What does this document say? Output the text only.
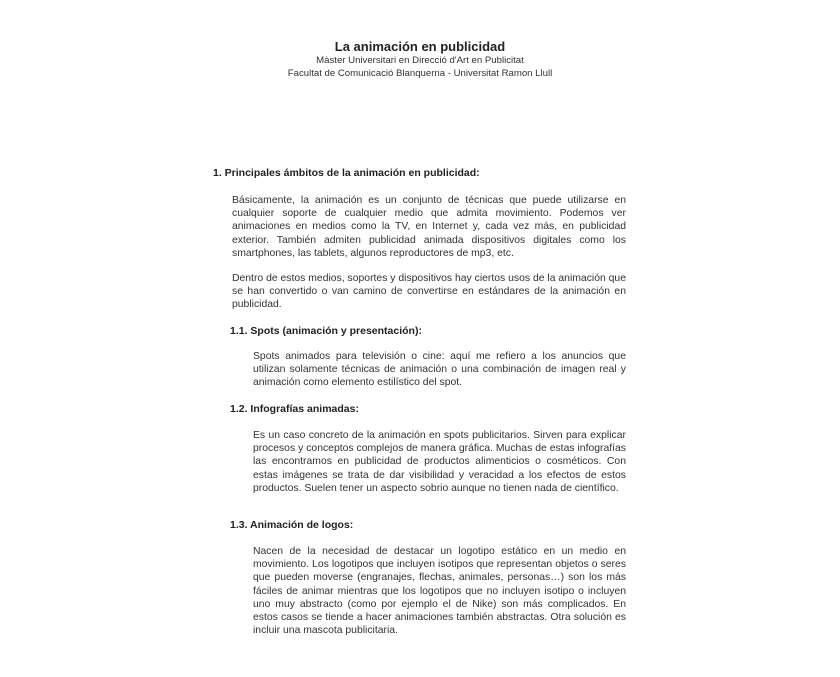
La animación en publicidad
Màster Universitari en Direcció d'Art en Publicitat
Facultat de Comunicació Blanquerna - Universitat Ramon Llull
1. Principales ámbitos de la animación en publicidad:
Básicamente, la animación es un conjunto de técnicas que puede utilizarse en cualquier soporte de cualquier medio que admita movimiento. Podemos ver animaciones en medios como la TV, en Internet y, cada vez más, en publicidad exterior. También admiten publicidad animada dispositivos digitales como los smartphones, las tablets, algunos reproductores de mp3, etc.
Dentro de estos medios, soportes y dispositivos hay ciertos usos de la animación que se han convertido o van camino de convertirse en estándares de la animación en publicidad.
1.1. Spots (animación y presentación):
Spots animados para televisión o cine: aquí me refiero a los anuncios que utilizan solamente técnicas de animación o una combinación de imagen real y animación como elemento estilístico del spot.
1.2. Infografías animadas:
Es un caso concreto de la animación en spots publicitarios. Sirven para explicar procesos y conceptos complejos de manera gráfica. Muchas de estas infografías las encontramos en publicidad de productos alimenticios o cosméticos. Con estas imágenes se trata de dar visibilidad y veracidad a los efectos de estos productos. Suelen tener un aspecto sobrio aunque no tienen nada de científico.
1.3. Animación de logos:
Nacen de la necesidad de destacar un logotipo estático en un medio en movimiento. Los logotipos que incluyen isotipos que representan objetos o seres que pueden moverse (engranajes, flechas, animales, personas…) son los más fáciles de animar mientras que los logotipos que no incluyen isotipo o incluyen uno muy abstracto (como por ejemplo el de Nike) son más complicados. En estos casos se tiende a hacer animaciones también abstractas. Otra solución es incluir una mascota publicitaria.
